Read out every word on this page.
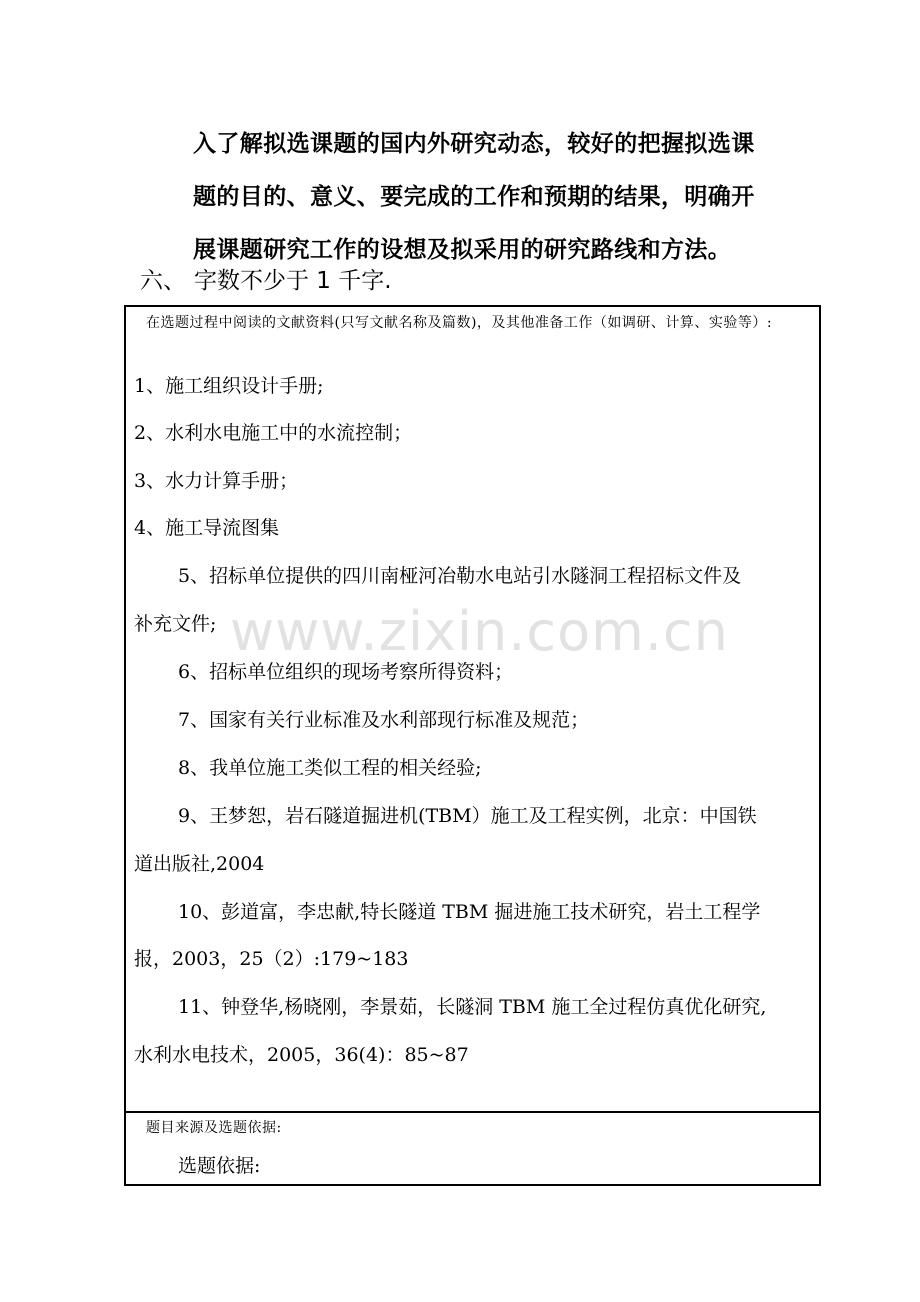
入了解拟选课题的国内外研究动态，较好的把握拟选课
题的目的、意义、要完成的工作和预期的结果，明确开
展课题研究工作的设想及拟采用的研究路线和方法。
六、 字数不少于 1 千字.
在选题过程中阅读的文献资料(只写文献名称及篇数)，及其他准备工作（如调研、计算、实验等）:
1、施工组织设计手册;
2、水利水电施工中的水流控制；
3、水力计算手册；
4、施工导流图集
5、招标单位提供的四川南桠河冶勒水电站引水隧洞工程招标文件及
补充文件;
6、招标单位组织的现场考察所得资料；
7、国家有关行业标准及水利部现行标准及规范；
8、我单位施工类似工程的相关经验;
9、王梦恕，岩石隧道掘进机(TBM）施工及工程实例，北京：中国铁
道出版社,2004
10、彭道富，李忠献,特长隧道 TBM 掘进施工技术研究，岩土工程学
报，2003，25（2）:179~183
11、钟登华,杨晓刚，李景茹，长隧洞 TBM 施工全过程仿真优化研究,
水利水电技术，2005，36(4)：85~87
题目来源及选题依据:
选题依据:
www.zixin.com.cn
